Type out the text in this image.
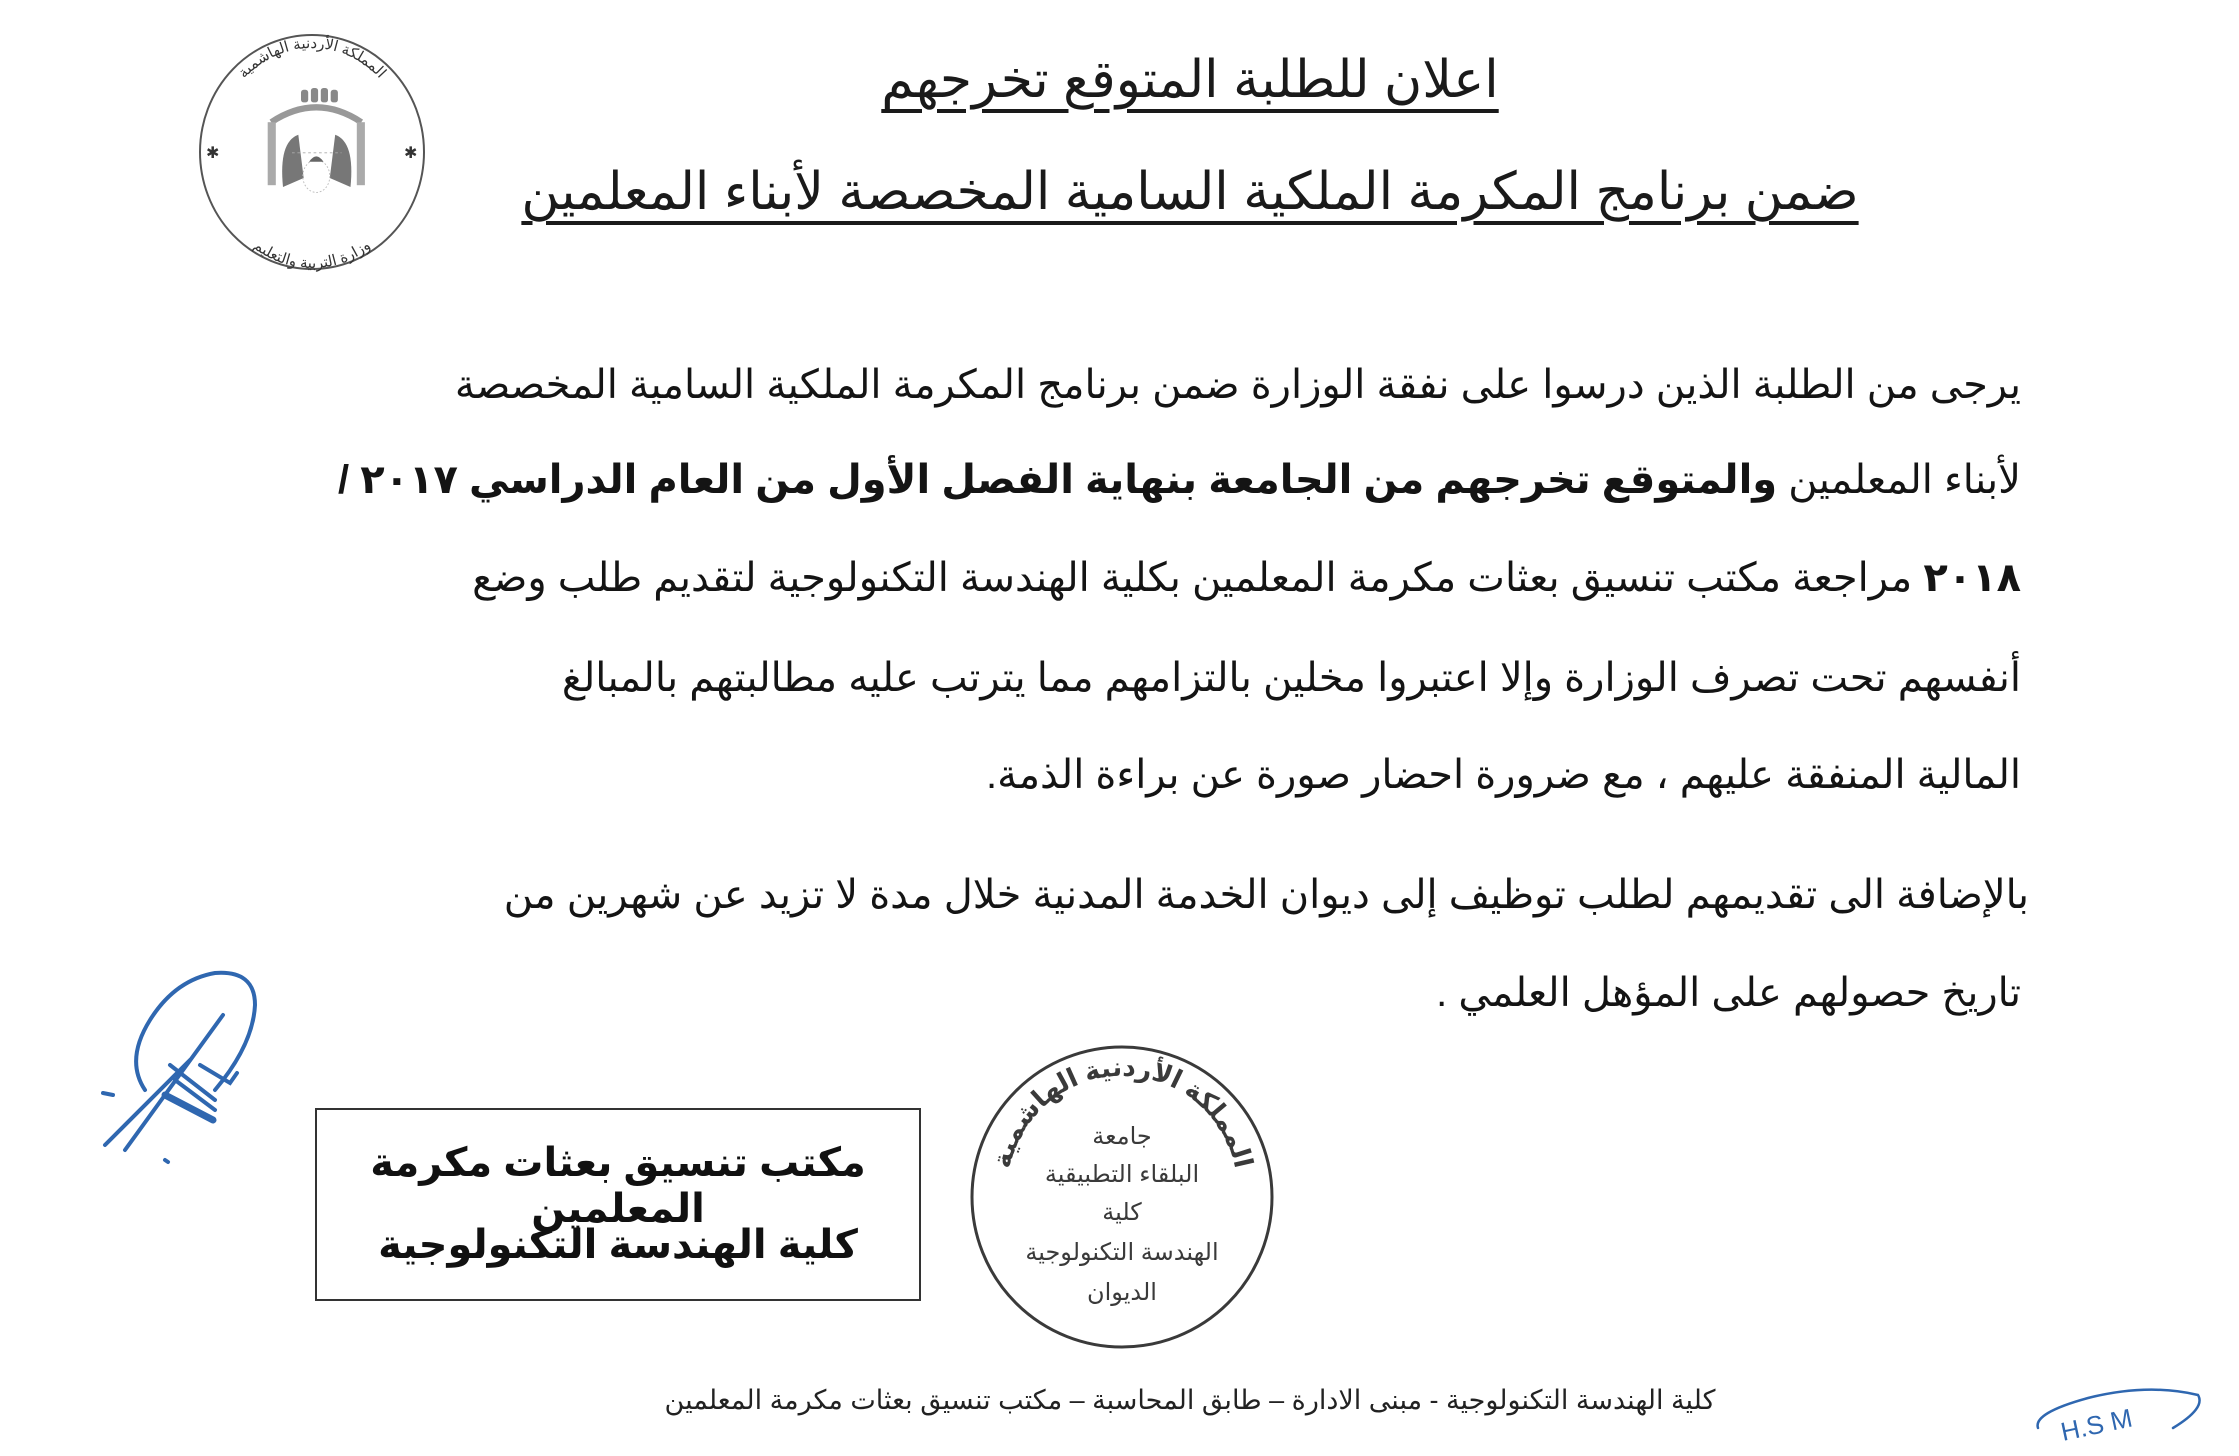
✱	✱
المملكة الأردنية الهاشمية
وزارة التربية والتعليم
اعلان للطلبة المتوقع تخرجهم
ضمن برنامج المكرمة الملكية السامية المخصصة لأبناء المعلمين
يرجى من الطلبة الذين درسوا على نفقة الوزارة ضمن برنامج المكرمة الملكية السامية المخصصة
لأبناء المعلمين والمتوقع تخرجهم من الجامعة بنهاية الفصل الأول من العام الدراسي ٢٠١٧ /
٢٠١٨ مراجعة مكتب تنسيق بعثات مكرمة المعلمين بكلية الهندسة التكنولوجية لتقديم طلب وضع
أنفسهم تحت تصرف الوزارة وإلا اعتبروا مخلين بالتزامهم مما يترتب عليه مطالبتهم بالمبالغ
المالية المنفقة عليهم ، مع ضرورة احضار صورة عن براءة الذمة.
بالإضافة الى تقديمهم لطلب توظيف إلى ديوان الخدمة المدنية خلال مدة لا تزيد عن شهرين من
تاريخ حصولهم على المؤهل العلمي .
مكتب تنسيق بعثات مكرمة المعلمين
كلية الهندسة التكنولوجية
المملكة الأردنية الهاشمية
جامعة
البلقاء التطبيقية
كلية
الهندسة التكنولوجية
الديوان
كلية الهندسة التكنولوجية - مبنى الادارة – طابق المحاسبة – مكتب تنسيق بعثات مكرمة المعلمين
H.S M
